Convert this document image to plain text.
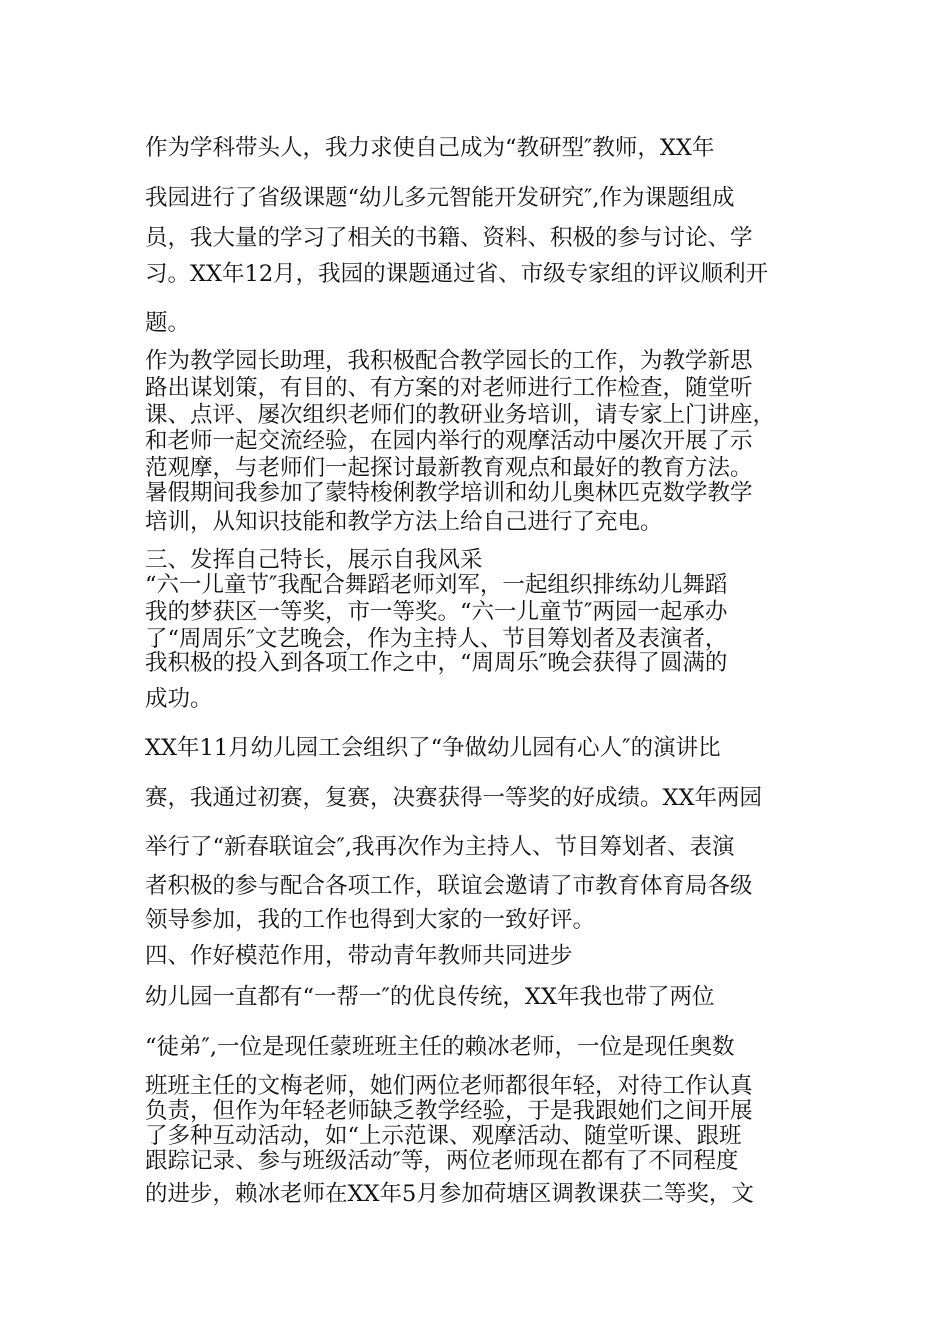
作为学科带头人，我力求使自己成为“教研型″教师，XX年
我园进行了省级课题“幼儿多元智能开发研究″,作为课题组成
员，我大量的学习了相关的书籍、资料、积极的参与讨论、学
习。XX年12月，我园的课题通过省、市级专家组的评议顺利开
题。
作为教学园长助理，我积极配合教学园长的工作，为教学新思
路出谋划策，有目的、有方案的对老师进行工作检查，随堂听
课、点评、屡次组织老师们的教研业务培训，请专家上门讲座，
和老师一起交流经验，在园内举行的观摩活动中屡次开展了示
范观摩，与老师们一起探讨最新教育观点和最好的教育方法。
暑假期间我参加了蒙特梭俐教学培训和幼儿奥林匹克数学教学
培训，从知识技能和教学方法上给自己进行了充电。
三、发挥自己特长，展示自我风采
“六一儿童节″我配合舞蹈老师刘军，一起组织排练幼儿舞蹈
我的梦获区一等奖，市一等奖。“六一儿童节″两园一起承办
了“周周乐″文艺晚会，作为主持人、节目筹划者及表演者，
我积极的投入到各项工作之中，“周周乐″晚会获得了圆满的
成功。
XX年11月幼儿园工会组织了“争做幼儿园有心人″的演讲比
赛，我通过初赛，复赛，决赛获得一等奖的好成绩。XX年两园
举行了“新春联谊会″,我再次作为主持人、节目筹划者、表演
者积极的参与配合各项工作，联谊会邀请了市教育体育局各级
领导参加，我的工作也得到大家的一致好评。
四、作好模范作用，带动青年教师共同进步
幼儿园一直都有“一帮一″的优良传统，XX年我也带了两位
“徒弟″,一位是现任蒙班班主任的赖冰老师，一位是现任奥数
班班主任的文梅老师，她们两位老师都很年轻，对待工作认真
负责，但作为年轻老师缺乏教学经验，于是我跟她们之间开展
了多种互动活动，如“上示范课、观摩活动、随堂听课、跟班
跟踪记录、参与班级活动″等，两位老师现在都有了不同程度
的进步，赖冰老师在XX年5月参加荷塘区调教课获二等奖，文
